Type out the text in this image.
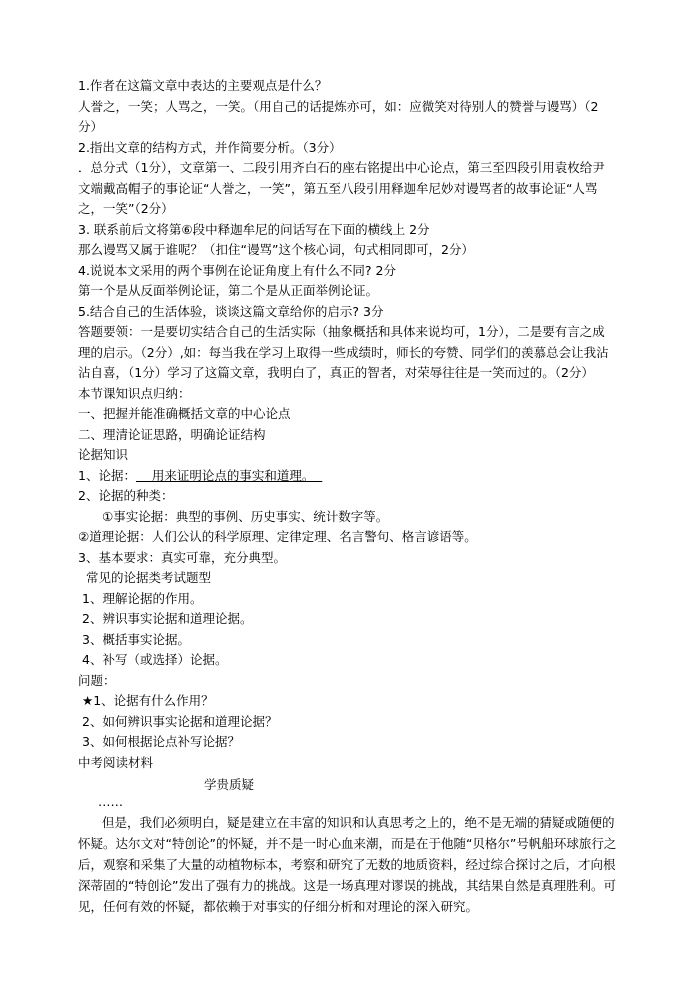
1.作者在这篇文章中表达的主要观点是什么？
人誉之，一笑；人骂之，一笑。（用自己的话提炼亦可，如：应微笑对待别人的赞誉与谩骂）（2
分）
2.指出文章的结构方式，并作简要分析。（3分）
．总分式（1分），文章第一、二段引用齐白石的座右铭提出中心论点，第三至四段引用袁枚给尹
文端戴高帽子的事论证“人誉之，一笑”，第五至八段引用释迦牟尼妙对谩骂者的故事论证“人骂
之，一笑”（2分）
3. 联系前后文将第⑥段中释迦牟尼的问话写在下面的横线上 2分
那么谩骂又属于谁呢？（扣住“谩骂”这个核心词，句式相同即可，2分）
4.说说本文采用的两个事例在论证角度上有什么不同? 2分
第一个是从反面举例论证，第二个是从正面举例论证。
5.结合自己的生活体验，谈谈这篇文章给你的启示? 3分
答题要领：一是要切实结合自己的生活实际（抽象概括和具体来说均可，1分），二是要有言之成
理的启示。（2分）,如：每当我在学习上取得一些成绩时，师长的夸赞、同学们的羡慕总会让我沾
沾自喜，（1分）学习了这篇文章，我明白了，真正的智者，对荣辱往往是一笑而过的。（2分）
本节课知识点归纳：
一、把握并能准确概括文章的中心论点
二、理清论证思路，明确论证结构
论据知识
1、论据：    用来证明论点的事实和道理。
2、论据的种类：
①事实论据：典型的事例、历史事实、统计数字等。
②道理论据：人们公认的科学原理、定律定理、名言警句、格言谚语等。
3、基本要求：真实可靠，充分典型。
常见的论据类考试题型
1、理解论据的作用。
2、辨识事实论据和道理论据。
3、概括事实论据。
4、补写（或选择）论据。
问题：
★1、论据有什么作用？
2、如何辨识事实论据和道理论据？
3、如何根据论点补写论据？
中考阅读材料
学贵质疑
……
但是，我们必须明白，疑是建立在丰富的知识和认真思考之上的，绝不是无端的猜疑或随便的怀疑。达尔文对“特创论”的怀疑，并不是一时心血来潮，而是在于他随“贝格尔”号帆船环球旅行之后，观察和采集了大量的动植物标本，考察和研究了无数的地质资料，经过综合探讨之后，才向根深蒂固的“特创论”发出了强有力的挑战。这是一场真理对谬误的挑战，其结果自然是真理胜利。可见，任何有效的怀疑，都依赖于对事实的仔细分析和对理论的深入研究。
